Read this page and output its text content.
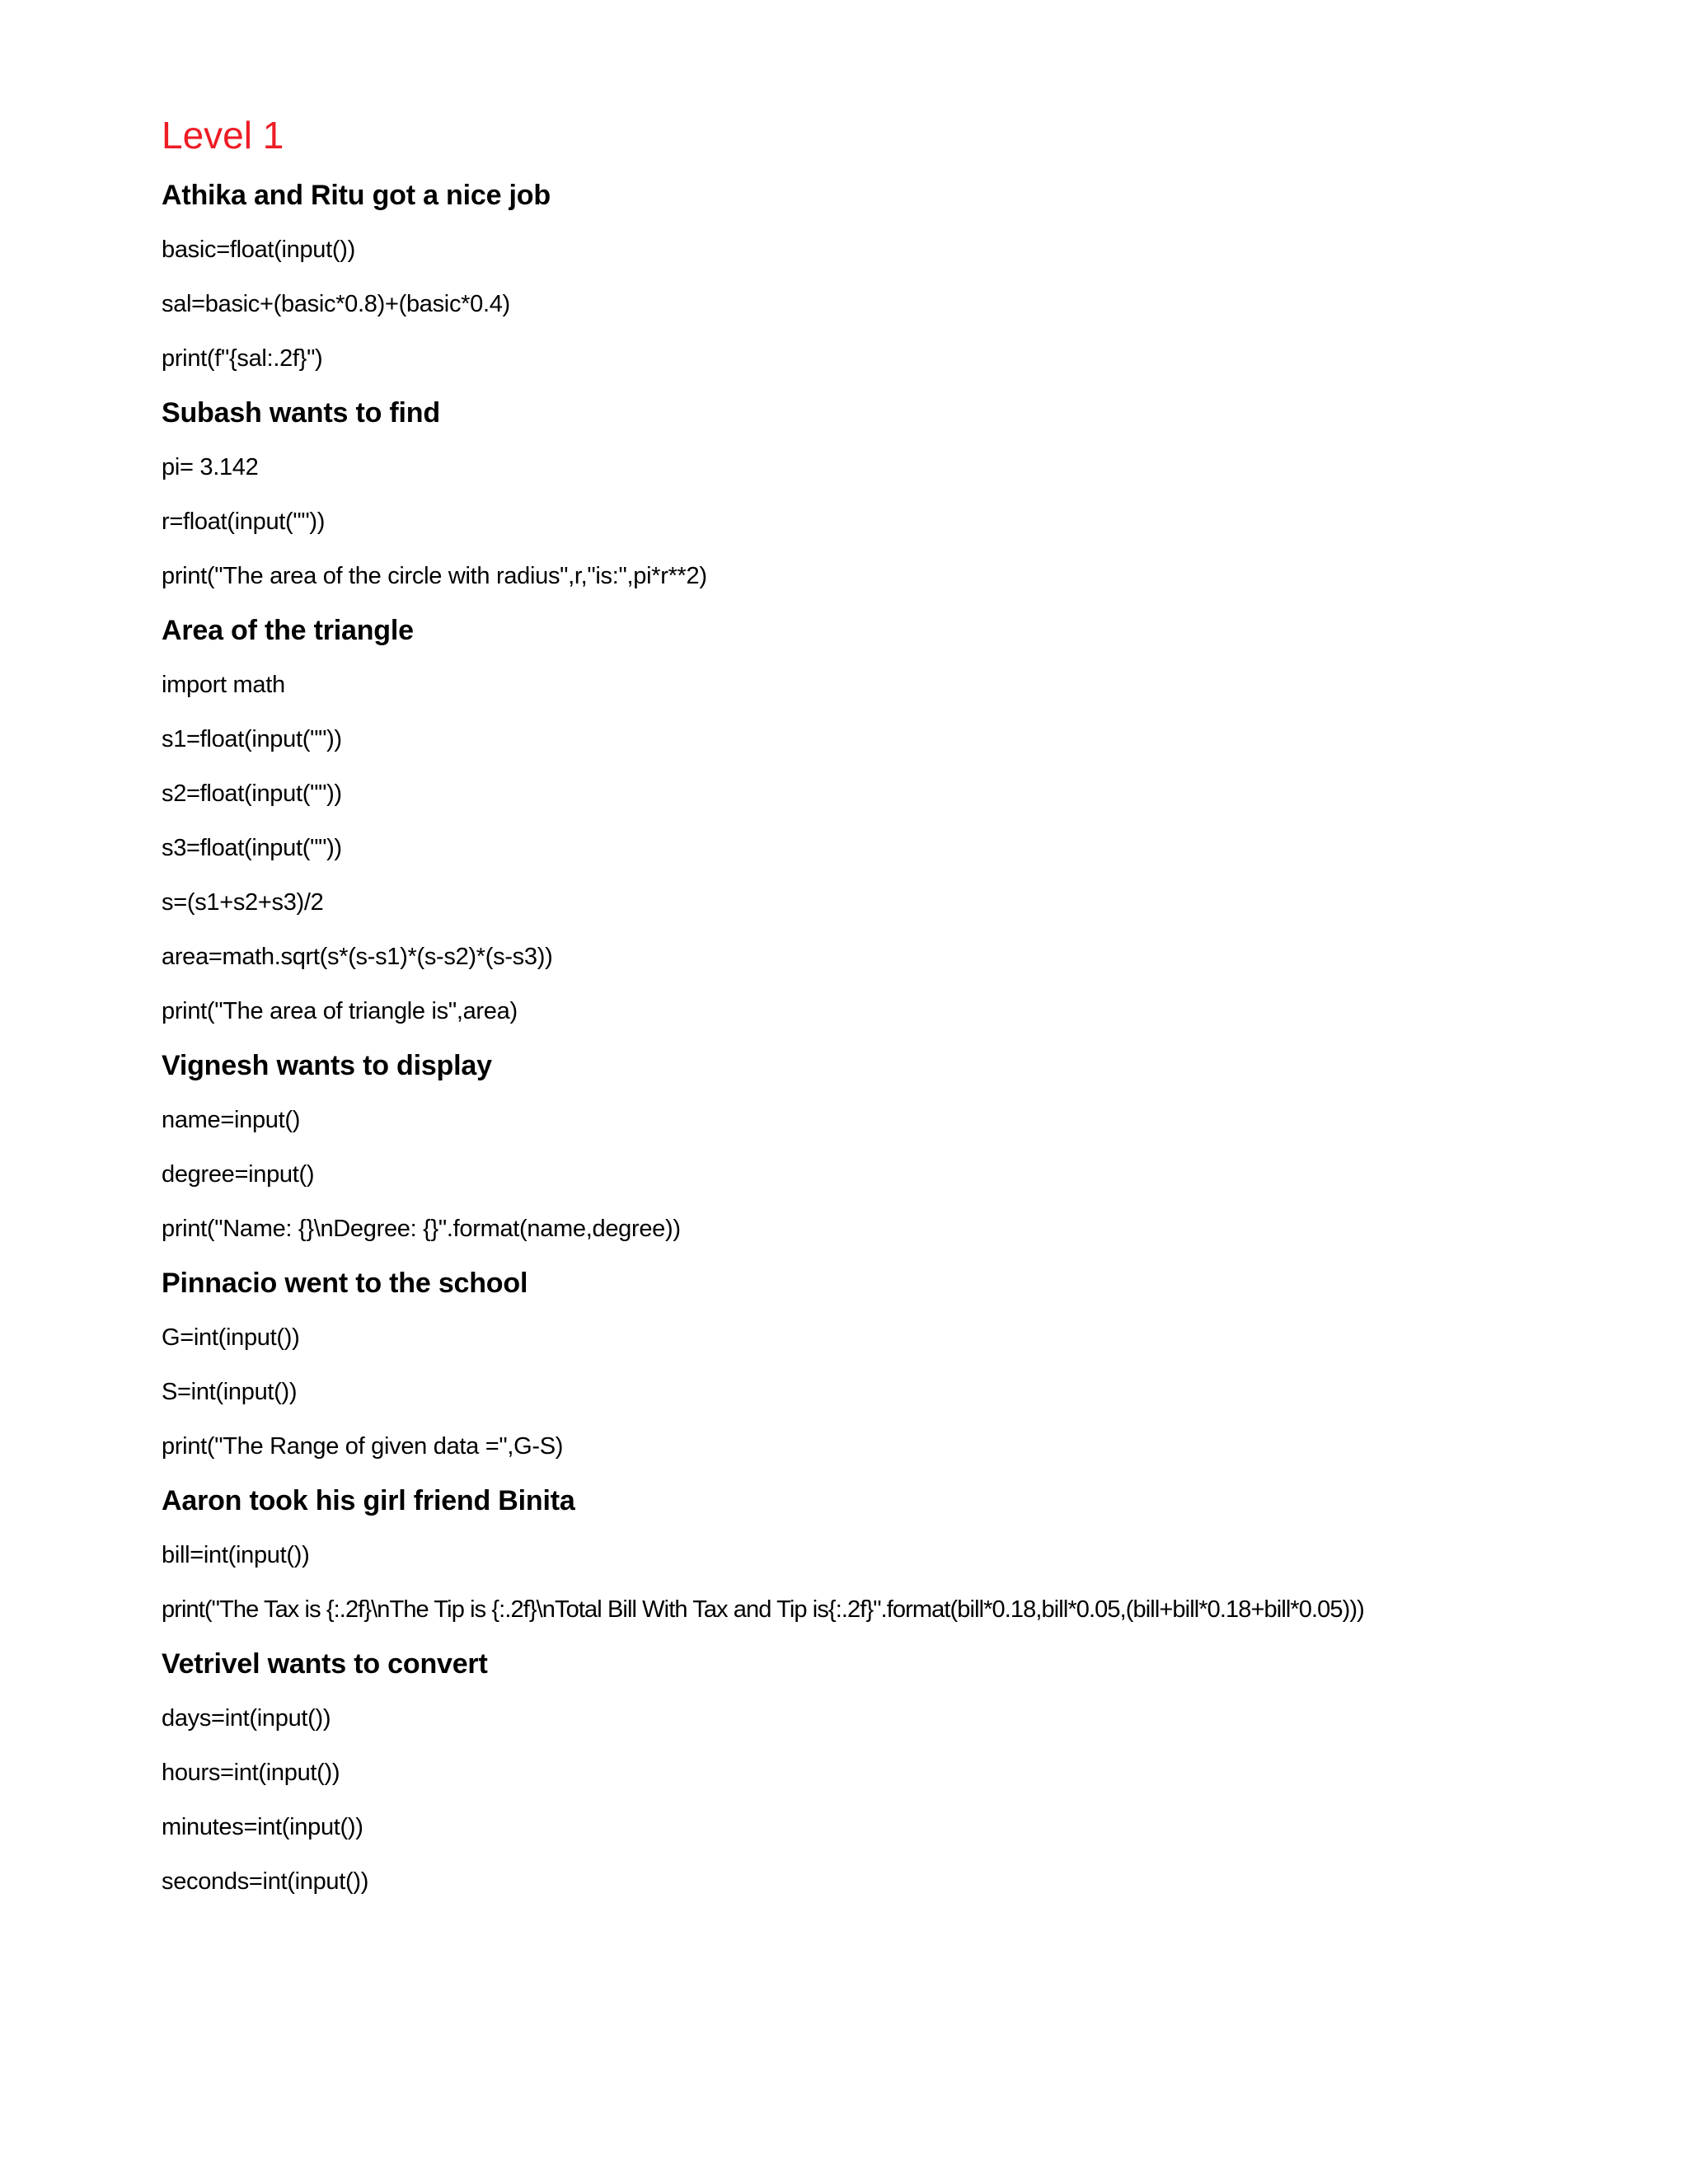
Level 1
Athika and Ritu got a nice job
basic=float(input())
sal=basic+(basic*0.8)+(basic*0.4)
print(f"{sal:.2f}")
Subash wants to find
pi= 3.142
r=float(input(""))
print("The area of the circle with radius",r,"is:",pi*r**2)
Area of the triangle
import math
s1=float(input(""))
s2=float(input(""))
s3=float(input(""))
s=(s1+s2+s3)/2
area=math.sqrt(s*(s-s1)*(s-s2)*(s-s3))
print("The area of triangle is",area)
Vignesh wants to display
name=input()
degree=input()
print("Name: {}\nDegree: {}".format(name,degree))
Pinnacio went to the school
G=int(input())
S=int(input())
print("The Range of given data =",G-S)
Aaron took his girl friend Binita
bill=int(input())
print("The Tax is {:.2f}\nThe Tip is {:.2f}\nTotal Bill With Tax and Tip is{:.2f}".format(bill*0.18,bill*0.05,(bill+bill*0.18+bill*0.05)))
Vetrivel wants to convert
days=int(input())
hours=int(input())
minutes=int(input())
seconds=int(input())
